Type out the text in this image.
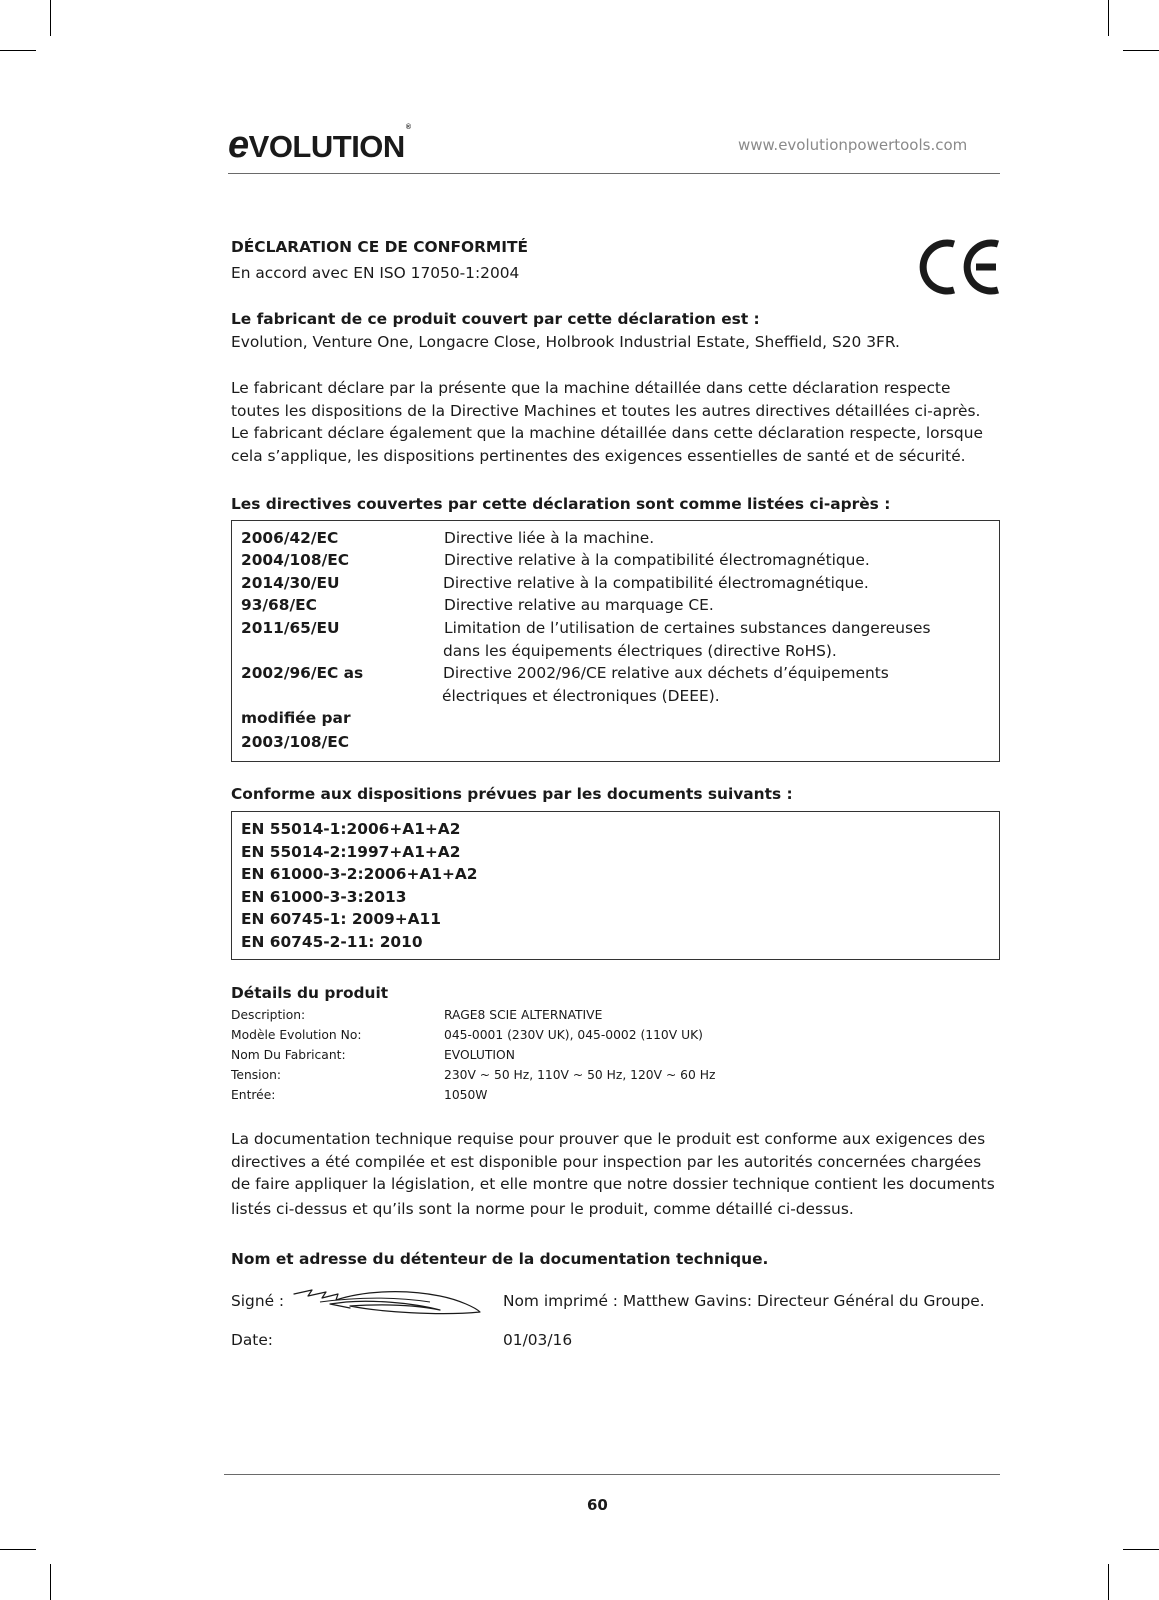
eVOLUTION®
www.evolutionpowertools.com
DÉCLARATION CE DE CONFORMITÉ
En accord avec EN ISO 17050-1:2004
Le fabricant de ce produit couvert par cette déclaration est :
Evolution, Venture One, Longacre Close, Holbrook Industrial Estate, Sheffield, S20 3FR.
Le fabricant déclare par la présente que la machine détaillée dans cette déclaration respecte
toutes les dispositions de la Directive Machines et toutes les autres directives détaillées ci-après.
Le fabricant déclare également que la machine détaillée dans cette déclaration respecte, lorsque
cela s’applique, les dispositions pertinentes des exigences essentielles de santé et de sécurité.
Les directives couvertes par cette déclaration sont comme listées ci-après :
2006/42/EC	Directive liée à la machine.
2004/108/EC	Directive relative à la compatibilité électromagnétique.
2014/30/EU	Directive relative à la compatibilité électromagnétique.
93/68/EC	Directive relative au marquage CE.
2011/65/EU	Limitation de l’utilisation de certaines substances dangereuses
dans les équipements électriques (directive RoHS).
2002/96/EC as	Directive 2002/96/CE relative aux déchets d’équipements
électriques et électroniques (DEEE).
modifiée par
2003/108/EC
Conforme aux dispositions prévues par les documents suivants :
EN 55014-1:2006+A1+A2
EN 55014-2:1997+A1+A2
EN 61000-3-2:2006+A1+A2
EN 61000-3-3:2013
EN 60745-1: 2009+A11
EN 60745-2-11: 2010
Détails du produit
Description:	RAGE8 SCIE ALTERNATIVE
Modèle Evolution No:	045-0001 (230V UK), 045-0002 (110V UK)
Nom Du Fabricant:	EVOLUTION
Tension:	230V ~ 50 Hz, 110V ~ 50 Hz, 120V ~ 60 Hz
Entrée:	1050W
La documentation technique requise pour prouver que le produit est conforme aux exigences des
directives a été compilée et est disponible pour inspection par les autorités concernées chargées
de faire appliquer la législation, et elle montre que notre dossier technique contient les documents
listés ci-dessus et qu’ils sont la norme pour le produit, comme détaillé ci-dessus.
Nom et adresse du détenteur de la documentation technique.
Signé :	Nom imprimé : Matthew Gavins: Directeur Général du Groupe.
Date:	01/03/16
60
